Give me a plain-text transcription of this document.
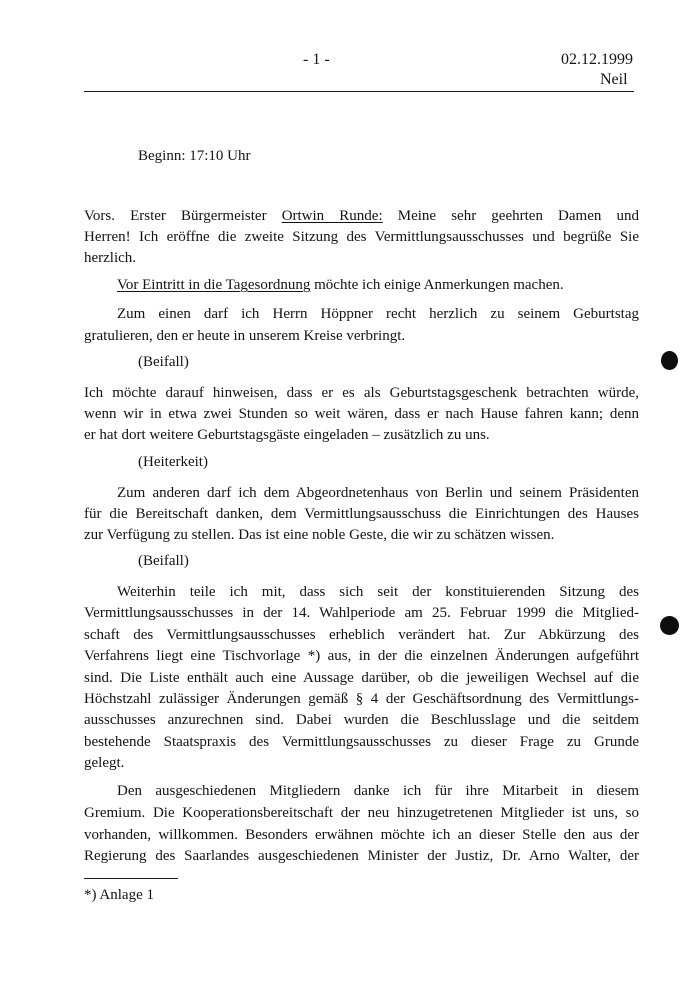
- 1 -	02.12.1999
Neil
Beginn: 17:10 Uhr
Vors. Erster Bürgermeister Ortwin Runde: Meine sehr geehrten Damen und
Herren! Ich eröffne die zweite Sitzung des Vermittlungsausschusses und begrüße Sie
herzlich.
Vor Eintritt in die Tagesordnung möchte ich einige Anmerkungen machen.
Zum einen darf ich Herrn Höppner recht herzlich zu seinem Geburtstag
gratulieren, den er heute in unserem Kreise verbringt.
(Beifall)
Ich möchte darauf hinweisen, dass er es als Geburtstagsgeschenk betrachten würde,
wenn wir in etwa zwei Stunden so weit wären, dass er nach Hause fahren kann; denn
er hat dort weitere Geburtstagsgäste eingeladen – zusätzlich zu uns.
(Heiterkeit)
Zum anderen darf ich dem Abgeordnetenhaus von Berlin und seinem Präsidenten
für die Bereitschaft danken, dem Vermittlungsausschuss die Einrichtungen des Hauses
zur Verfügung zu stellen. Das ist eine noble Geste, die wir zu schätzen wissen.
(Beifall)
Weiterhin teile ich mit, dass sich seit der konstituierenden Sitzung des
Vermittlungsausschusses in der 14. Wahlperiode am 25. Februar 1999 die Mitglied-
schaft des Vermittlungsausschusses erheblich verändert hat. Zur Abkürzung des
Verfahrens liegt eine Tischvorlage *) aus, in der die einzelnen Änderungen aufgeführt
sind. Die Liste enthält auch eine Aussage darüber, ob die jeweiligen Wechsel auf die
Höchstzahl zulässiger Änderungen gemäß § 4 der Geschäftsordnung des Vermittlungs-
ausschusses anzurechnen sind. Dabei wurden die Beschlusslage und die seitdem
bestehende Staatspraxis des Vermittlungsausschusses zu dieser Frage zu Grunde
gelegt.
Den ausgeschiedenen Mitgliedern danke ich für ihre Mitarbeit in diesem
Gremium. Die Kooperationsbereitschaft der neu hinzugetretenen Mitglieder ist uns, so
vorhanden, willkommen. Besonders erwähnen möchte ich an dieser Stelle den aus der
Regierung des Saarlandes ausgeschiedenen Minister der Justiz, Dr. Arno Walter, der
*) Anlage 1
